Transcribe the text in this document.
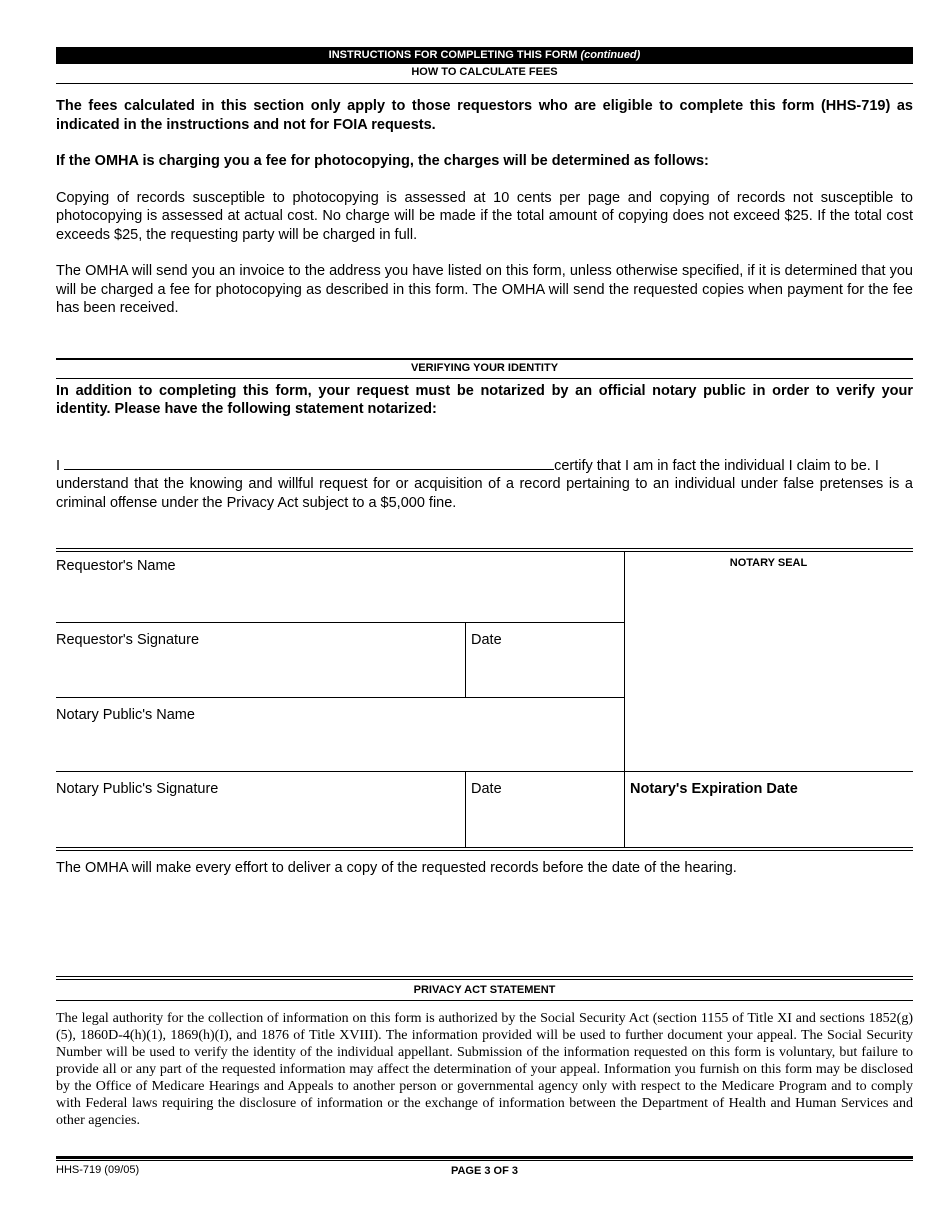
INSTRUCTIONS FOR COMPLETING THIS FORM (continued)
HOW TO CALCULATE FEES

The fees calculated in this section only apply to those requestors who are eligible to complete this form (HHS-719) as indicated in the instructions and not for FOIA requests.

If the OMHA is charging you a fee for photocopying, the charges will be determined as follows:

Copying of records susceptible to photocopying is assessed at 10 cents per page and copying of records not susceptible to photocopying is assessed at actual cost. No charge will be made if the total amount of copying does not exceed $25. If the total cost exceeds $25, the requesting party will be charged in full.

The OMHA will send you an invoice to the address you have listed on this form, unless otherwise specified, if it is determined that you will be charged a fee for photocopying as described in this form. The OMHA will send the requested copies when payment for the fee has been received.

VERIFYING YOUR IDENTITY

In addition to completing this form, your request must be notarized by an official notary public in order to verify your identity. Please have the following statement notarized:

I	certify that I am in fact the individual I claim to be. I

understand that the knowing and willful request for or acquisition of a record pertaining to an individual under false pretenses is a criminal offense under the Privacy Act subject to a $5,000 fine.

Requestor's Name
Requestor's Signature	Date
Notary Public's Name
Notary Public's Signature	Date
NOTARY SEAL
Notary's Expiration Date

The OMHA will make every effort to deliver a copy of the requested records before the date of the hearing.

PRIVACY ACT STATEMENT

The legal authority for the collection of information on this form is authorized by the Social Security Act (section 1155 of Title XI and sections 1852(g)(5), 1860D-4(h)(1), 1869(h)(I), and 1876 of Title XVIII). The information provided will be used to further document your appeal. The Social Security Number will be used to verify the identity of the individual appellant. Submission of the information requested on this form is voluntary, but failure to provide all or any part of the requested information may affect the determination of your appeal. Information you furnish on this form may be disclosed by the Office of Medicare Hearings and Appeals to another person or governmental agency only with respect to the Medicare Program and to comply with Federal laws requiring the disclosure of information or the exchange of information between the Department of Health and Human Services and other agencies.

HHS-719 (09/05)	PAGE 3 OF 3
